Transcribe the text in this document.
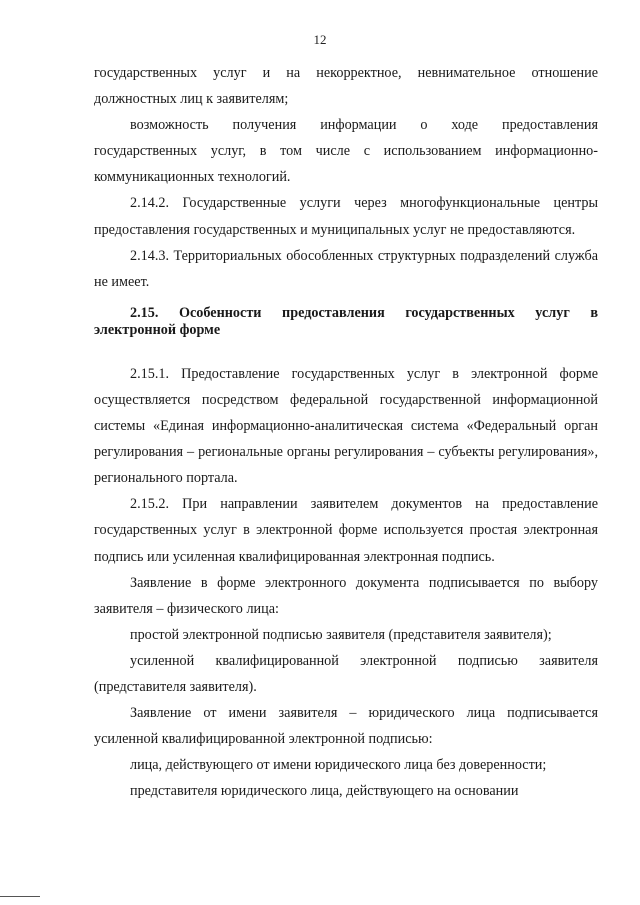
12

государственных услуг и на некорректное, невнимательное отношение должностных лиц к заявителям;

возможность получения информации о ходе предоставления государственных услуг, в том числе с использованием информационно-коммуникационных технологий.

2.14.2. Государственные услуги через многофункциональные центры предоставления государственных и муниципальных услуг не предоставляются.

2.14.3. Территориальных обособленных структурных подразделений служба не имеет.

2.15. Особенности предоставления государственных услуг в электронной форме

2.15.1. Предоставление государственных услуг в электронной форме осуществляется посредством федеральной государственной информационной системы «Единая информационно-аналитическая система «Федеральный орган регулирования – региональные органы регулирования – субъекты регулирования», регионального портала.

2.15.2. При направлении заявителем документов на предоставление государственных услуг в электронной форме используется простая электронная подпись или усиленная квалифицированная электронная подпись.

Заявление в форме электронного документа подписывается по выбору заявителя – физического лица:

простой электронной подписью заявителя (представителя заявителя);

усиленной квалифицированной электронной подписью заявителя (представителя заявителя).

Заявление от имени заявителя – юридического лица подписывается усиленной квалифицированной электронной подписью:

лица, действующего от имени юридического лица без доверенности;

представителя юридического лица, действующего на основании
